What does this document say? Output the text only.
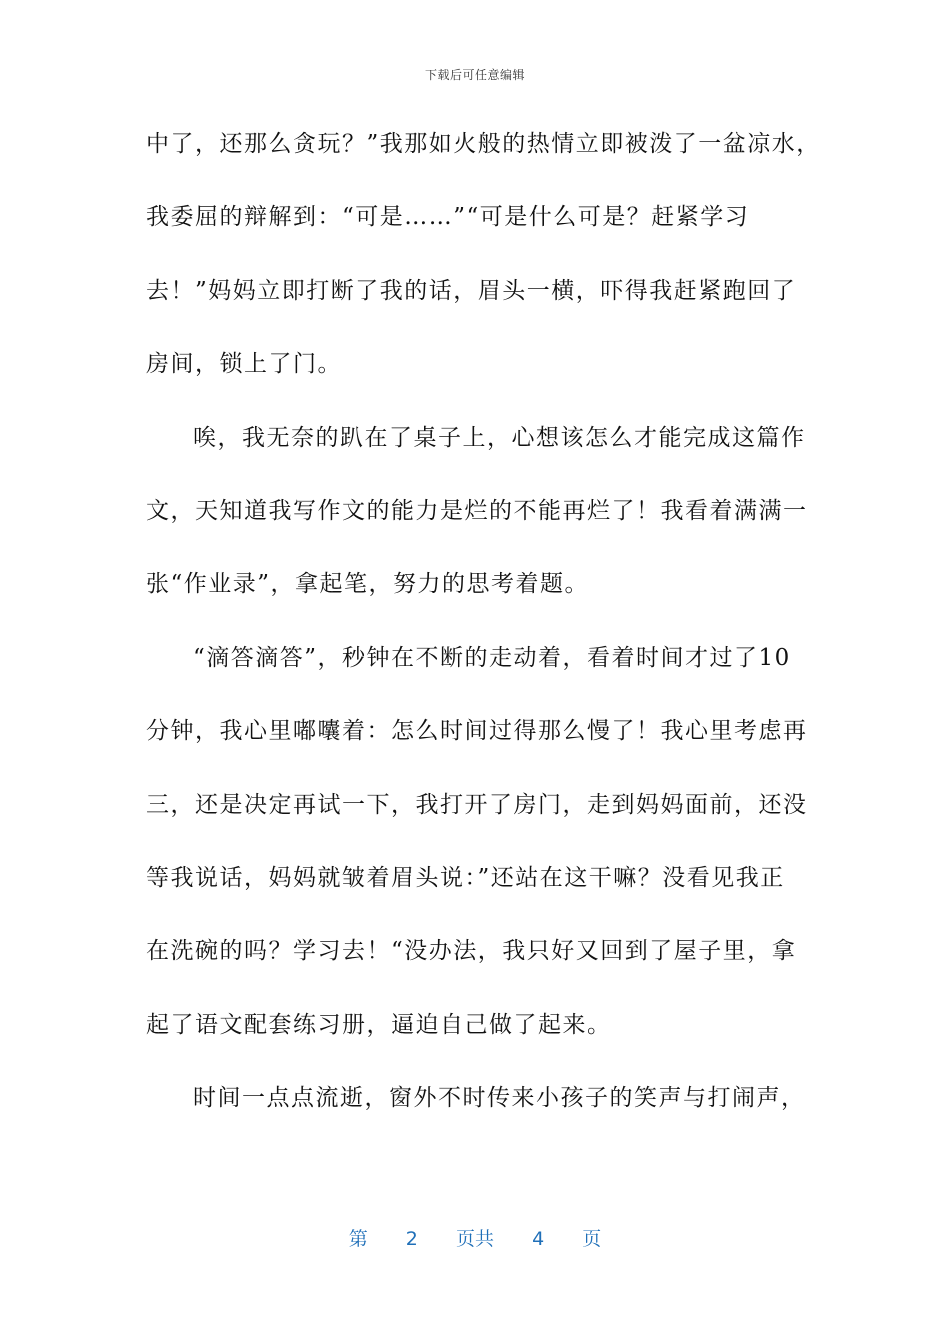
下载后可任意编辑
中了，还那么贪玩？”我那如火般的热情立即被泼了一盆凉水，
我委屈的辩解到：“可是……”“可是什么可是？赶紧学习
去！”妈妈立即打断了我的话，眉头一横，吓得我赶紧跑回了
房间，锁上了门。
唉，我无奈的趴在了桌子上，心想该怎么才能完成这篇作
文，天知道我写作文的能力是烂的不能再烂了！我看着满满一
张“作业录”，拿起笔，努力的思考着题。
“滴答滴答”，秒钟在不断的走动着，看着时间才过了10
分钟，我心里嘟囔着：怎么时间过得那么慢了！我心里考虑再
三，还是决定再试一下，我打开了房门，走到妈妈面前，还没
等我说话，妈妈就皱着眉头说：”还站在这干嘛？没看见我正
在洗碗的吗？学习去！“没办法，我只好又回到了屋子里，拿
起了语文配套练习册，逼迫自己做了起来。
时间一点点流逝，窗外不时传来小孩子的笑声与打闹声，
第 2 页共 4 页
